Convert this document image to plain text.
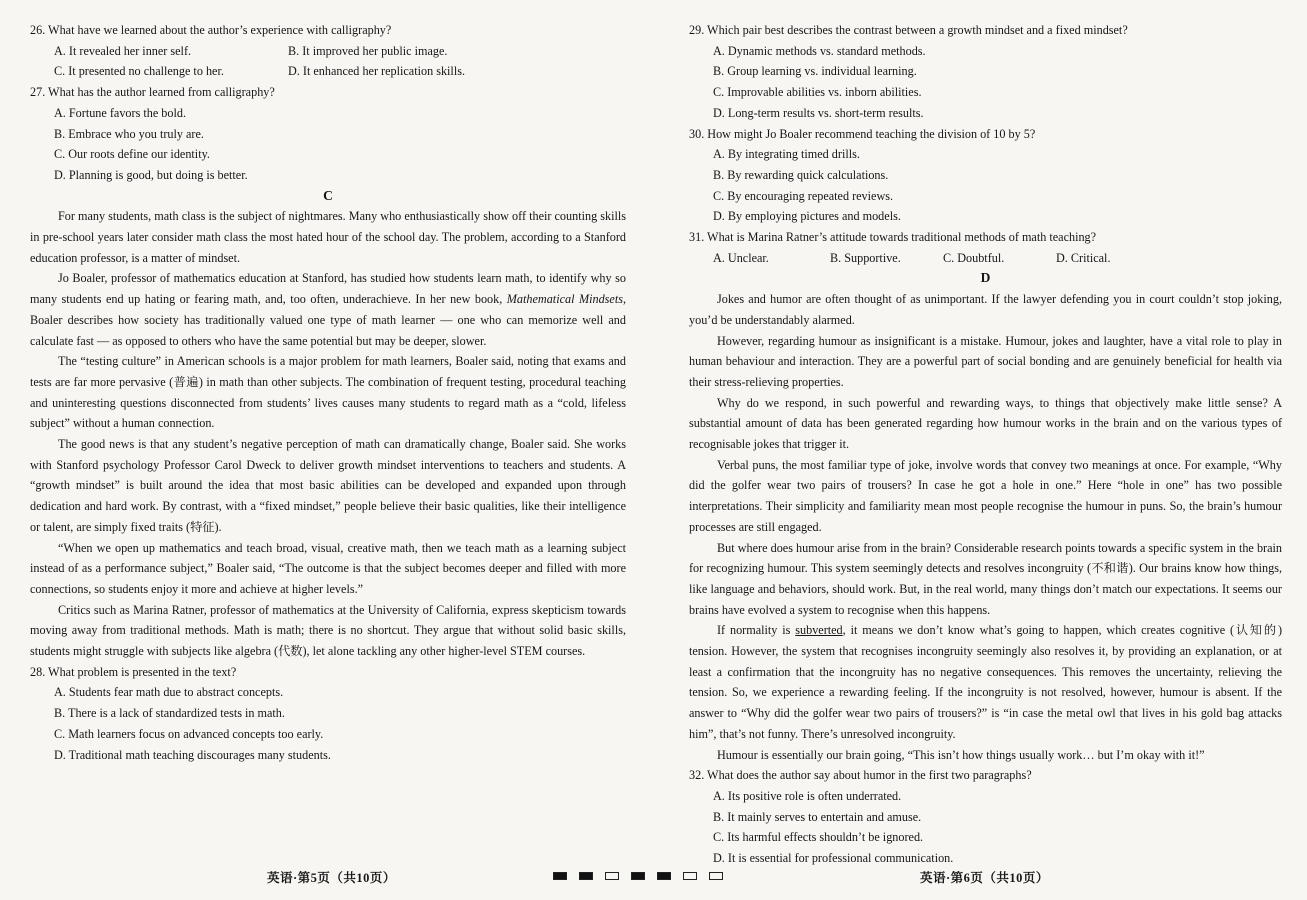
26. What have we learned about the author’s experience with calligraphy?

A. It revealed her inner self.	B. It improved her public image.

C. It presented no challenge to her.	D. It enhanced her replication skills.

27. What has the author learned from calligraphy?

A. Fortune favors the bold.

B. Embrace who you truly are.

C. Our roots define our identity.

D. Planning is good, but doing is better.

C

For many students, math class is the subject of nightmares. Many who enthusiastically show off their counting skills in pre-school years later consider math class the most hated hour of the school day. The problem, according to a Stanford education professor, is a matter of mindset.

Jo Boaler, professor of mathematics education at Stanford, has studied how students learn math, to identify why so many students end up hating or fearing math, and, too often, underachieve. In her new book, Mathematical Mindsets, Boaler describes how society has traditionally valued one type of math learner — one who can memorize well and calculate fast — as opposed to others who have the same potential but may be deeper, slower.

The “testing culture” in American schools is a major problem for math learners, Boaler said, noting that exams and tests are far more pervasive (普遍) in math than other subjects. The combination of frequent testing, procedural teaching and uninteresting questions disconnected from students’ lives causes many students to regard math as a “cold, lifeless subject” without a human connection.

The good news is that any student’s negative perception of math can dramatically change, Boaler said. She works with Stanford psychology Professor Carol Dweck to deliver growth mindset interventions to teachers and students. A “growth mindset” is built around the idea that most basic abilities can be developed and expanded upon through dedication and hard work. By contrast, with a “fixed mindset,” people believe their basic qualities, like their intelligence or talent, are simply fixed traits (特征).

“When we open up mathematics and teach broad, visual, creative math, then we teach math as a learning subject instead of as a performance subject,” Boaler said, “The outcome is that the subject becomes deeper and filled with more connections, so students enjoy it more and achieve at higher levels.”

Critics such as Marina Ratner, professor of mathematics at the University of California, express skepticism towards moving away from traditional methods. Math is math; there is no shortcut. They argue that without solid basic skills, students might struggle with subjects like algebra (代数), let alone tackling any other higher-level STEM courses.

28. What problem is presented in the text?

A. Students fear math due to abstract concepts.

B. There is a lack of standardized tests in math.

C. Math learners focus on advanced concepts too early.

D. Traditional math teaching discourages many students.

29. Which pair best describes the contrast between a growth mindset and a fixed mindset?

A. Dynamic methods vs. standard methods.

B. Group learning vs. individual learning.

C. Improvable abilities vs. inborn abilities.

D. Long-term results vs. short-term results.

30. How might Jo Boaler recommend teaching the division of 10 by 5?

A. By integrating timed drills.

B. By rewarding quick calculations.

C. By encouraging repeated reviews.

D. By employing pictures and models.

31. What is Marina Ratner’s attitude towards traditional methods of math teaching?

A. Unclear.	B. Supportive.	C. Doubtful.	D. Critical.

D

Jokes and humor are often thought of as unimportant. If the lawyer defending you in court couldn’t stop joking, you’d be understandably alarmed.

However, regarding humour as insignificant is a mistake. Humour, jokes and laughter, have a vital role to play in human behaviour and interaction. They are a powerful part of social bonding and are genuinely beneficial for health via their stress-relieving properties.

Why do we respond, in such powerful and rewarding ways, to things that objectively make little sense? A substantial amount of data has been generated regarding how humour works in the brain and on the various types of recognisable jokes that trigger it.

Verbal puns, the most familiar type of joke, involve words that convey two meanings at once. For example, “Why did the golfer wear two pairs of trousers? In case he got a hole in one.” Here “hole in one” has two possible interpretations. Their simplicity and familiarity mean most people recognise the humour in puns. So, the brain’s humour processes are still engaged.

But where does humour arise from in the brain? Considerable research points towards a specific system in the brain for recognizing humour. This system seemingly detects and resolves incongruity (不和谐). Our brains know how things, like language and behaviors, should work. But, in the real world, many things don’t match our expectations. It seems our brains have evolved a system to recognise when this happens.

If normality is subverted, it means we don’t know what’s going to happen, which creates cognitive (认知的) tension. However, the system that recognises incongruity seemingly also resolves it, by providing an explanation, or at least a confirmation that the incongruity has no negative consequences. This removes the uncertainty, relieving the tension. So, we experience a rewarding feeling. If the incongruity is not resolved, however, humour is absent. If the answer to “Why did the golfer wear two pairs of trousers?” is “in case the metal owl that lives in his gold bag attacks him”, that’s not funny. There’s unresolved incongruity.

Humour is essentially our brain going, “This isn’t how things usually work… but I’m okay with it!”

32. What does the author say about humor in the first two paragraphs?

A. Its positive role is often underrated.

B. It mainly serves to entertain and amuse.

C. Its harmful effects shouldn’t be ignored.

D. It is essential for professional communication.

英语·第5页（共10页）	英语·第6页（共10页）
